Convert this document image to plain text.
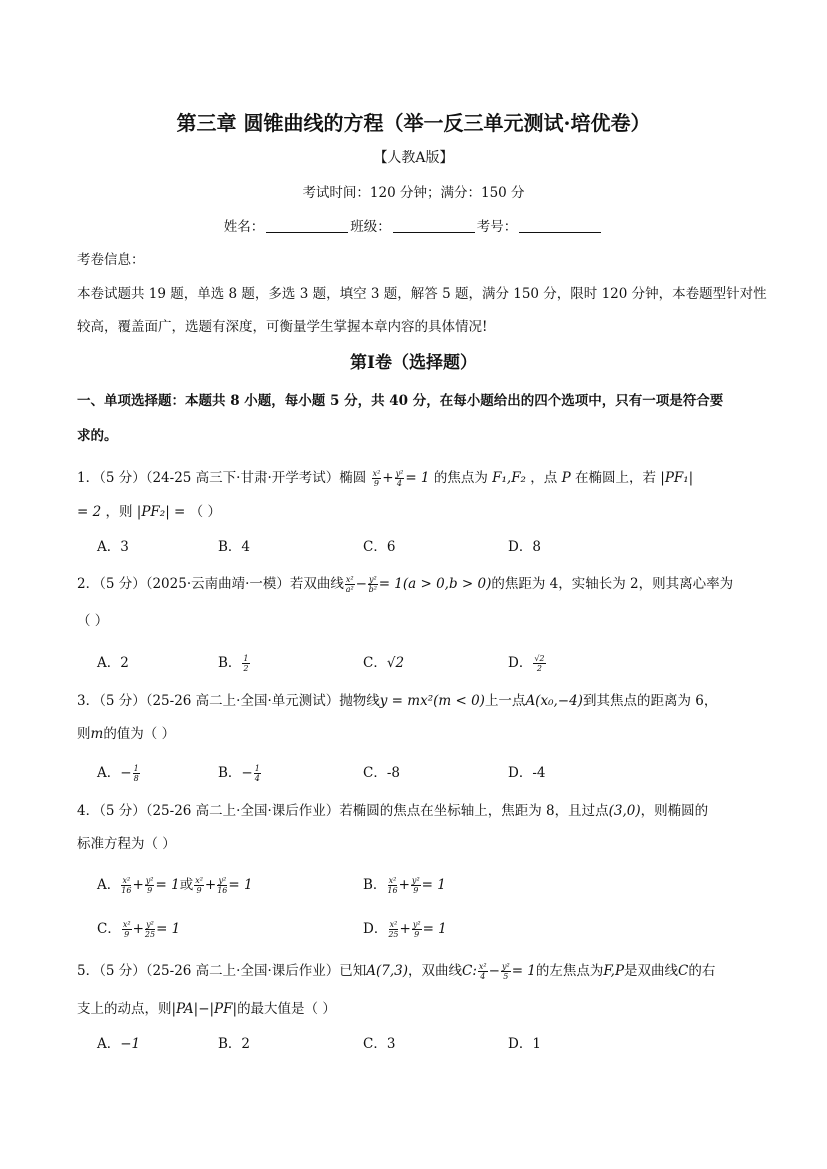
第三章 圆锥曲线的方程（举一反三单元测试·培优卷）
【人教A版】
考试时间：120 分钟；满分：150 分
姓名：	班级：	考号：
考卷信息：
本卷试题共 19 题，单选 8 题，多选 3 题，填空 3 题，解答 5 题，满分 150 分，限时 120 分钟，本卷题型针对性
较高，覆盖面广，选题有深度，可衡量学生掌握本章内容的具体情况!
第Ⅰ卷（选择题）
一、单项选择题：本题共 8 小题，每小题 5 分，共 40 分，在每小题给出的四个选项中，只有一项是符合要
求的。
1．（5 分）（24-25 高三下·甘肃·开学考试）椭圆 $\frac{\text{x²}}{9} + \frac{\text{y²}}{4} = 1$ 的焦点为 F₁,F₂ ，点 P 在椭圆上，若 |PF₁|
= 2 ，则 |PF₂| = （ ）
A．3	B．4	C．6	D．8
2．（5 分）（2025·云南曲靖·一模）若双曲线 $\frac{\text{x²}}{\text{a²}} - \frac{\text{y²}}{\text{b²}} = 1(a > 0,b > 0)$的焦距为 4，实轴长为 2，则其离心率为
（ ）
A．2	B． $\frac{1}{2}$	C．√2	D． $\frac{√2}{2}$
3．（5 分）（25-26 高二上·全国·单元测试）抛物线y = mx²(m < 0)上一点A(x₀,−4)到其焦点的距离为 6，
则m的值为（ ）
A．− $\frac{1}{8}$	B．− $\frac{1}{4}$	C．-8	D．-4
4．（5 分）（25-26 高二上·全国·课后作业）若椭圆的焦点在坐标轴上，焦距为 8，且过点(3,0)，则椭圆的
标准方程为（ ）
A． $\frac{\text{x²}}{16} + \frac{\text{y²}}{9} = 1$或 $\frac{\text{x²}}{9} + \frac{\text{y²}}{16} = 1$	B． $\frac{\text{x²}}{16} + \frac{\text{y²}}{9} = 1$
C． $\frac{\text{x²}}{9} + \frac{\text{y²}}{25} = 1$	D． $\frac{\text{x²}}{25} + \frac{\text{y²}}{9} = 1$
5．（5 分）（25-26 高二上·全国·课后作业）已知A(7,3)，双曲线C: $\frac{\text{x²}}{4} - \frac{\text{y²}}{5} = 1$的左焦点为F,P是双曲线C的右
支上的动点，则|PA|−|PF|的最大值是（ ）
A．−1	B．2	C．3	D．1
